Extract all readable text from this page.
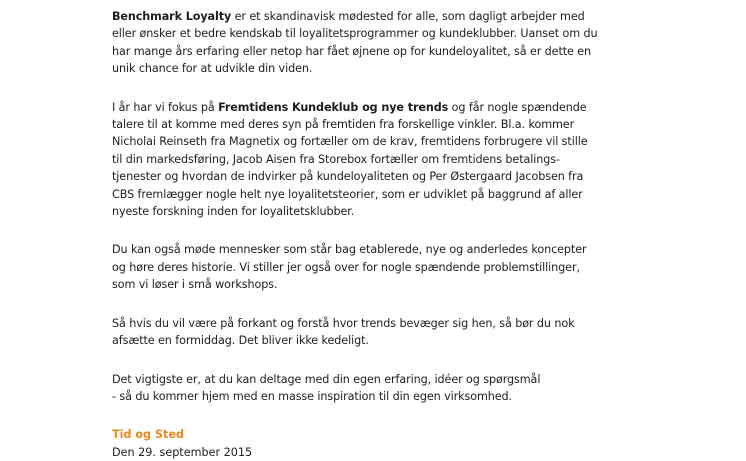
Benchmark Loyalty er et skandinavisk mødested for alle, som dagligt arbejder med
eller ønsker et bedre kendskab til loyalitetsprogrammer og kundeklubber. Uanset om du
har mange års erfaring eller netop har fået øjnene op for kundeloyalitet, så er dette en
unik chance for at udvikle din viden.

I år har vi fokus på Fremtidens Kundeklub og nye trends og får nogle spændende
talere til at komme med deres syn på fremtiden fra forskellige vinkler. Bl.a. kommer
Nicholai Reinseth fra Magnetix og fortæller om de krav, fremtidens forbrugere vil stille
til din markedsføring, Jacob Aisen fra Storebox fortæller om fremtidens betalings-
tjenester og hvordan de indvirker på kundeloyaliteten og Per Østergaard Jacobsen fra
CBS fremlægger nogle helt nye loyalitetsteorier, som er udviklet på baggrund af aller
nyeste forskning inden for loyalitetsklubber.

Du kan også møde mennesker som står bag etablerede, nye og anderledes koncepter
og høre deres historie. Vi stiller jer også over for nogle spændende problemstillinger,
som vi løser i små workshops.

Så hvis du vil være på forkant og forstå hvor trends bevæger sig hen, så bør du nok
afsætte en formiddag. Det bliver ikke kedeligt.

Det vigtigste er, at du kan deltage med din egen erfaring, idéer og spørgsmål
- så du kommer hjem med en masse inspiration til din egen virksomhed.

Tid og Sted

Den 29. september 2015
